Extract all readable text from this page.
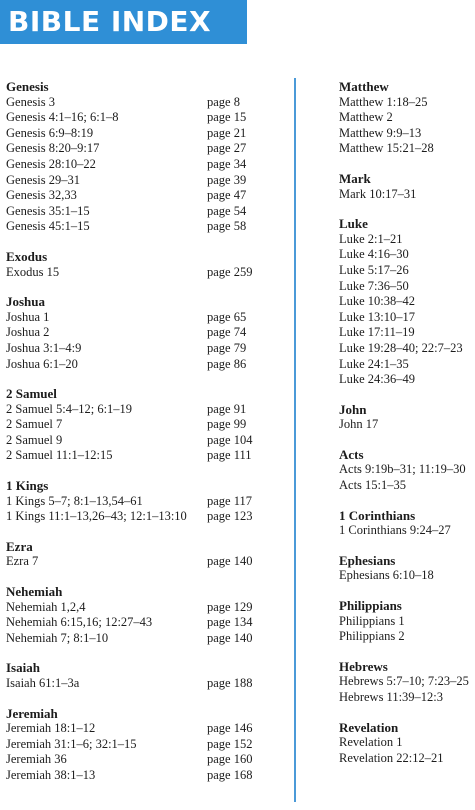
BIBLE INDEX
Genesis
Genesis 3	page 8
Genesis 4:1–16; 6:1–8	page 15
Genesis 6:9–8:19	page 21
Genesis 8:20–9:17	page 27
Genesis 28:10–22	page 34
Genesis 29–31	page 39
Genesis 32,33	page 47
Genesis 35:1–15	page 54
Genesis 45:1–15	page 58
Exodus
Exodus 15	page 259
Joshua
Joshua 1	page 65
Joshua 2	page 74
Joshua 3:1–4:9	page 79
Joshua 6:1–20	page 86
2 Samuel
2 Samuel 5:4–12; 6:1–19	page 91
2 Samuel 7	page 99
2 Samuel 9	page 104
2 Samuel 11:1–12:15	page 111
1 Kings
1 Kings 5–7; 8:1–13,54–61	page 117
1 Kings 11:1–13,26–43; 12:1–13:10 page 123
Ezra
Ezra 7	page 140
Nehemiah
Nehemiah 1,2,4	page 129
Nehemiah 6:15,16; 12:27–43	page 134
Nehemiah 7; 8:1–10	page 140
Isaiah
Isaiah 61:1–3a	page 188
Jeremiah
Jeremiah 18:1–12	page 146
Jeremiah 31:1–6; 32:1–15	page 152
Jeremiah 36	page 160
Jeremiah 38:1–13	page 168
Matthew
Matthew 1:18–25
Matthew 2
Matthew 9:9–13
Matthew 15:21–28
Mark
Mark 10:17–31
Luke
Luke 2:1–21
Luke 4:16–30
Luke 5:17–26
Luke 7:36–50
Luke 10:38–42
Luke 13:10–17
Luke 17:11–19
Luke 19:28–40; 22:7–23
Luke 24:1–35
Luke 24:36–49
John
John 17
Acts
Acts 9:19b–31; 11:19–30
Acts 15:1–35
1 Corinthians
1 Corinthians 9:24–27
Ephesians
Ephesians 6:10–18
Philippians
Philippians 1
Philippians 2
Hebrews
Hebrews 5:7–10; 7:23–25
Hebrews 11:39–12:3
Revelation
Revelation 1
Revelation 22:12–21
